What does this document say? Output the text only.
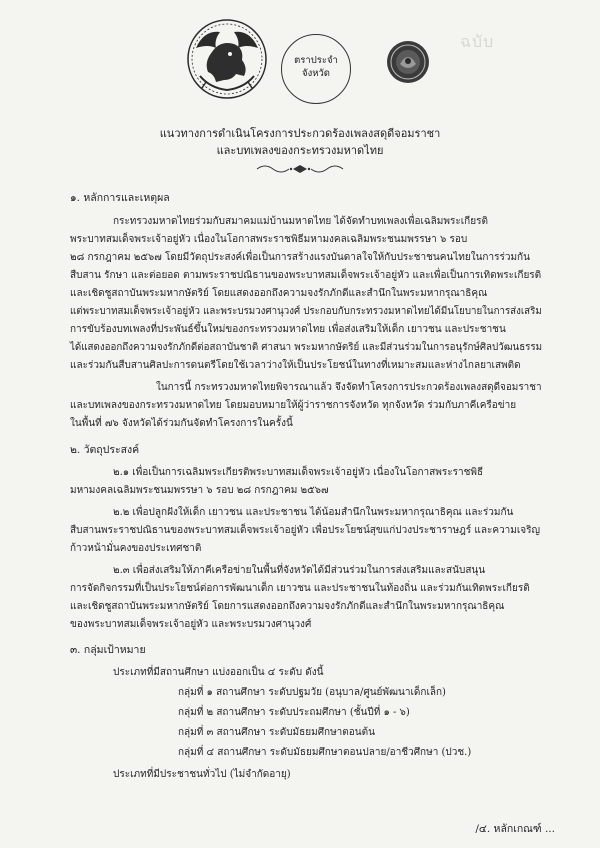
ตราประจำ
จังหวัด
ฉบับ
แนวทางการดำเนินโครงการประกวดร้องเพลงสดุดีจอมราชา
และบทเพลงของกระทรวงมหาดไทย
๑. หลักการและเหตุผล
กระทรวงมหาดไทยร่วมกับสมาคมแม่บ้านมหาดไทย ได้จัดทำบทเพลงเพื่อเฉลิมพระเกียรติ
พระบาทสมเด็จพระเจ้าอยู่หัว เนื่องในโอกาสพระราชพิธีมหามงคลเฉลิมพระชนมพรรษา ๖ รอบ
๒๘ กรกฎาคม ๒๕๖๗ โดยมีวัตถุประสงค์เพื่อเป็นการสร้างแรงบันดาลใจให้กับประชาชนคนไทยในการร่วมกัน
สืบสาน รักษา และต่อยอด ตามพระราชปณิธานของพระบาทสมเด็จพระเจ้าอยู่หัว และเพื่อเป็นการเทิดพระเกียรติ
และเชิดชูสถาบันพระมหากษัตริย์ โดยแสดงออกถึงความจงรักภักดีและสำนึกในพระมหากรุณาธิคุณ
แต่พระบาทสมเด็จพระเจ้าอยู่หัว และพระบรมวงศานุวงศ์ ประกอบกับกระทรวงมหาดไทยได้มีนโยบายในการส่งเสริม
การขับร้องบทเพลงที่ประพันธ์ขึ้นใหม่ของกระทรวงมหาดไทย เพื่อส่งเสริมให้เด็ก เยาวชน และประชาชน
ได้แสดงออกถึงความจงรักภักดีต่อสถาบันชาติ ศาสนา พระมหากษัตริย์ และมีส่วนร่วมในการอนุรักษ์ศิลปวัฒนธรรม
และร่วมกันสืบสานศิลปะการดนตรีโดยใช้เวลาว่างให้เป็นประโยชน์ในทางที่เหมาะสมและห่างไกลยาเสพติด
ในการนี้ กระทรวงมหาดไทยพิจารณาแล้ว จึงจัดทำโครงการประกวดร้องเพลงสดุดีจอมราชา
และบทเพลงของกระทรวงมหาดไทย โดยมอบหมายให้ผู้ว่าราชการจังหวัด ทุกจังหวัด ร่วมกับภาคีเครือข่าย
ในพื้นที่ ๗๖ จังหวัดได้ร่วมกันจัดทำโครงการในครั้งนี้
๒. วัตถุประสงค์
๒.๑ เพื่อเป็นการเฉลิมพระเกียรติพระบาทสมเด็จพระเจ้าอยู่หัว เนื่องในโอกาสพระราชพิธี
มหามงคลเฉลิมพระชนมพรรษา ๖ รอบ ๒๘ กรกฎาคม ๒๕๖๗
๒.๒ เพื่อปลูกฝังให้เด็ก เยาวชน และประชาชน ได้น้อมสำนึกในพระมหากรุณาธิคุณ และร่วมกัน
สืบสานพระราชปณิธานของพระบาทสมเด็จพระเจ้าอยู่หัว เพื่อประโยชน์สุขแก่ปวงประชาราษฎร์ และความเจริญ
ก้าวหน้ามั่นคงของประเทศชาติ
๒.๓ เพื่อส่งเสริมให้ภาคีเครือข่ายในพื้นที่จังหวัดได้มีส่วนร่วมในการส่งเสริมและสนับสนุน
การจัดกิจกรรมที่เป็นประโยชน์ต่อการพัฒนาเด็ก เยาวชน และประชาชนในท้องถิ่น และร่วมกันเทิดพระเกียรติ
และเชิดชูสถาบันพระมหากษัตริย์ โดยการแสดงออกถึงความจงรักภักดีและสำนึกในพระมหากรุณาธิคุณ
ของพระบาทสมเด็จพระเจ้าอยู่หัว และพระบรมวงศานุวงศ์
๓. กลุ่มเป้าหมาย
ประเภทที่มีสถานศึกษา แบ่งออกเป็น ๔ ระดับ ดังนี้
กลุ่มที่ ๑ สถานศึกษา ระดับปฐมวัย (อนุบาล/ศูนย์พัฒนาเด็กเล็ก)
กลุ่มที่ ๒ สถานศึกษา ระดับประถมศึกษา (ชั้นปีที่ ๑ - ๖)
กลุ่มที่ ๓ สถานศึกษา ระดับมัธยมศึกษาตอนต้น
กลุ่มที่ ๔ สถานศึกษา ระดับมัธยมศึกษาตอนปลาย/อาชีวศึกษา (ปวช.)
ประเภทที่มีประชาชนทั่วไป (ไม่จำกัดอายุ)
/๔. หลักเกณฑ์ ...
